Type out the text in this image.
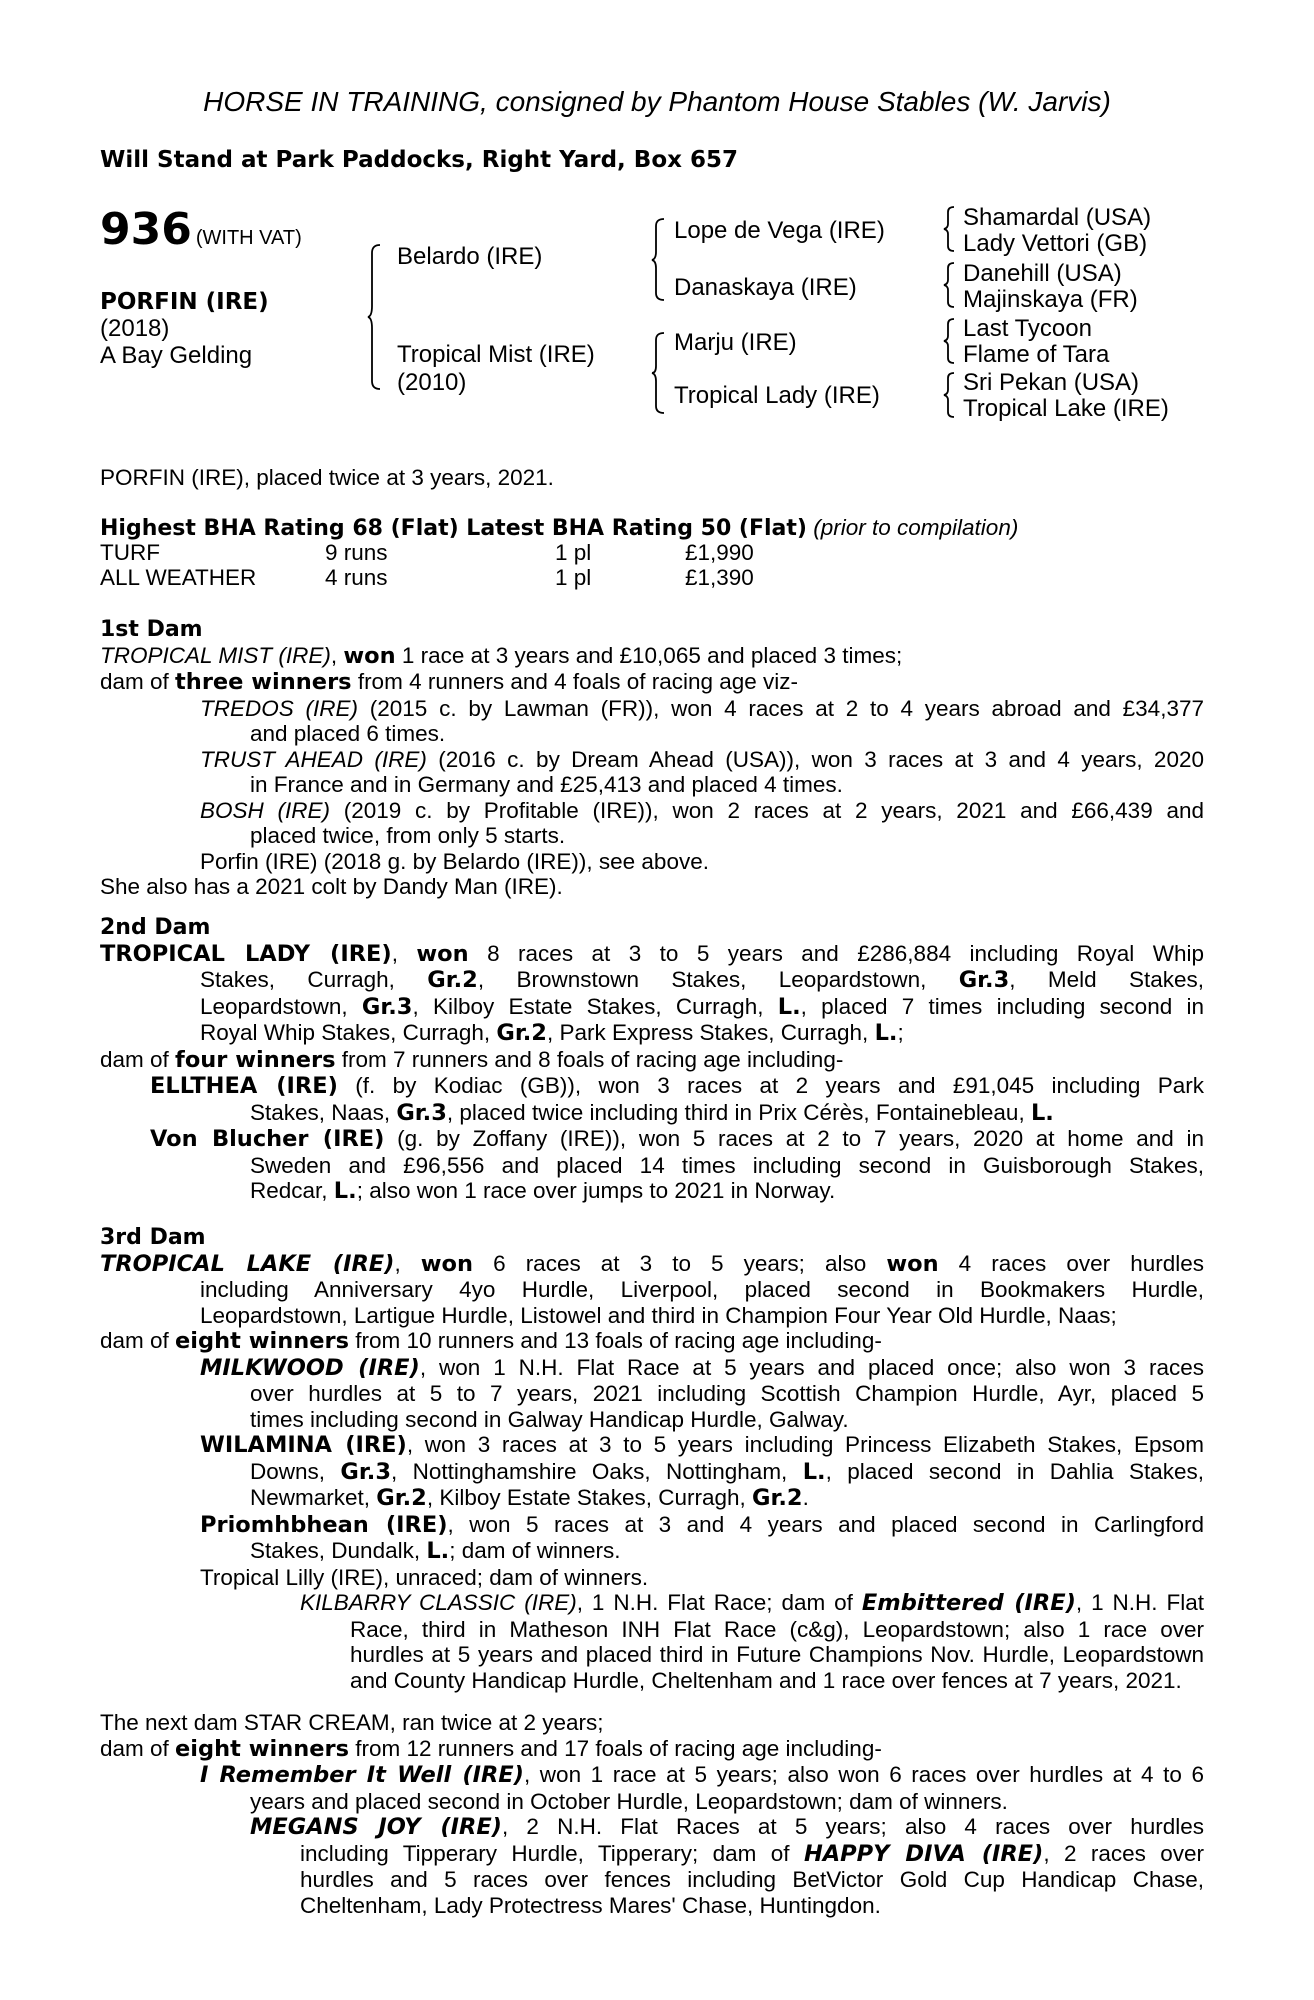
HORSE IN TRAINING, consigned by Phantom House Stables (W. Jarvis)
Will Stand at Park Paddocks, Right Yard, Box 657
936 (WITH VAT)
PORFIN (IRE)
(2018)
A Bay Gelding
Belardo (IRE)
Tropical Mist (IRE)
(2010)
Lope de Vega (IRE)
Danaskaya (IRE)
Marju (IRE)
Tropical Lady (IRE)
Shamardal (USA)
Lady Vettori (GB)
Danehill (USA)
Majinskaya (FR)
Last Tycoon
Flame of Tara
Sri Pekan (USA)
Tropical Lake (IRE)
PORFIN (IRE), placed twice at 3 years, 2021.
Highest BHA Rating 68 (Flat) Latest BHA Rating 50 (Flat) (prior to compilation)
TURF	9 runs	1 pl	£1,990
ALL WEATHER	4 runs	1 pl	£1,390
1st Dam
TROPICAL MIST (IRE), won 1 race at 3 years and £10,065 and placed 3 times;
dam of three winners from 4 runners and 4 foals of racing age viz-
TREDOS (IRE) (2015 c. by Lawman (FR)), won 4 races at 2 to 4 years abroad and £34,377
and placed 6 times.
TRUST AHEAD (IRE) (2016 c. by Dream Ahead (USA)), won 3 races at 3 and 4 years, 2020
in France and in Germany and £25,413 and placed 4 times.
BOSH (IRE) (2019 c. by Profitable (IRE)), won 2 races at 2 years, 2021 and £66,439 and
placed twice, from only 5 starts.
Porfin (IRE) (2018 g. by Belardo (IRE)), see above.
She also has a 2021 colt by Dandy Man (IRE).
2nd Dam
TROPICAL LADY (IRE), won 8 races at 3 to 5 years and £286,884 including Royal Whip
Stakes, Curragh, Gr.2, Brownstown Stakes, Leopardstown, Gr.3, Meld Stakes,
Leopardstown, Gr.3, Kilboy Estate Stakes, Curragh, L., placed 7 times including second in
Royal Whip Stakes, Curragh, Gr.2, Park Express Stakes, Curragh, L.;
dam of four winners from 7 runners and 8 foals of racing age including-
ELLTHEA (IRE) (f. by Kodiac (GB)), won 3 races at 2 years and £91,045 including Park
Stakes, Naas, Gr.3, placed twice including third in Prix Cérès, Fontainebleau, L.
Von Blucher (IRE) (g. by Zoffany (IRE)), won 5 races at 2 to 7 years, 2020 at home and in
Sweden and £96,556 and placed 14 times including second in Guisborough Stakes,
Redcar, L.; also won 1 race over jumps to 2021 in Norway.
3rd Dam
TROPICAL LAKE (IRE), won 6 races at 3 to 5 years; also won 4 races over hurdles
including Anniversary 4yo Hurdle, Liverpool, placed second in Bookmakers Hurdle,
Leopardstown, Lartigue Hurdle, Listowel and third in Champion Four Year Old Hurdle, Naas;
dam of eight winners from 10 runners and 13 foals of racing age including-
MILKWOOD (IRE), won 1 N.H. Flat Race at 5 years and placed once; also won 3 races
over hurdles at 5 to 7 years, 2021 including Scottish Champion Hurdle, Ayr, placed 5
times including second in Galway Handicap Hurdle, Galway.
WILAMINA (IRE), won 3 races at 3 to 5 years including Princess Elizabeth Stakes, Epsom
Downs, Gr.3, Nottinghamshire Oaks, Nottingham, L., placed second in Dahlia Stakes,
Newmarket, Gr.2, Kilboy Estate Stakes, Curragh, Gr.2.
Priomhbhean (IRE), won 5 races at 3 and 4 years and placed second in Carlingford
Stakes, Dundalk, L.; dam of winners.
Tropical Lilly (IRE), unraced; dam of winners.
KILBARRY CLASSIC (IRE), 1 N.H. Flat Race; dam of Embittered (IRE), 1 N.H. Flat
Race, third in Matheson INH Flat Race (c&g), Leopardstown; also 1 race over
hurdles at 5 years and placed third in Future Champions Nov. Hurdle, Leopardstown
and County Handicap Hurdle, Cheltenham and 1 race over fences at 7 years, 2021.
The next dam STAR CREAM, ran twice at 2 years;
dam of eight winners from 12 runners and 17 foals of racing age including-
I Remember It Well (IRE), won 1 race at 5 years; also won 6 races over hurdles at 4 to 6
years and placed second in October Hurdle, Leopardstown; dam of winners.
MEGANS JOY (IRE), 2 N.H. Flat Races at 5 years; also 4 races over hurdles
including Tipperary Hurdle, Tipperary; dam of HAPPY DIVA (IRE), 2 races over
hurdles and 5 races over fences including BetVictor Gold Cup Handicap Chase,
Cheltenham, Lady Protectress Mares' Chase, Huntingdon.
